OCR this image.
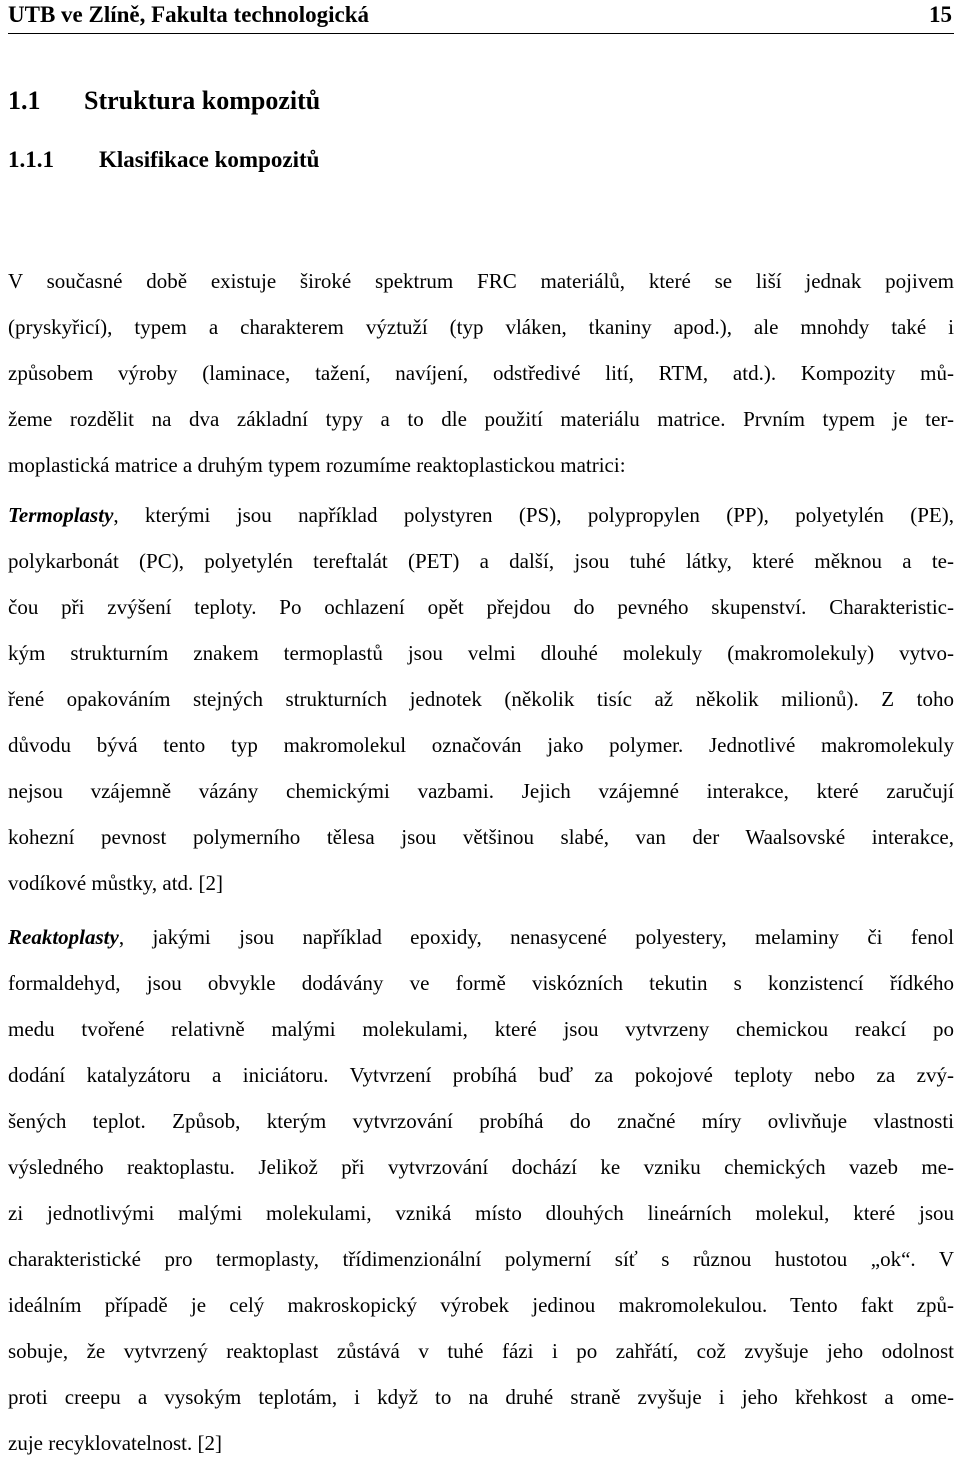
UTB ve Zlíně, Fakulta technologická	15
1.1 Struktura kompozitů
1.1.1 Klasifikace kompozitů
V současné době existuje široké spektrum FRC materiálů, které se liší jednak pojivem
(pryskyřicí), typem a charakterem výztuží (typ vláken, tkaniny apod.), ale mnohdy také i
způsobem výroby (laminace, tažení, navíjení, odstředivé lití, RTM, atd.). Kompozity mů-
žeme rozdělit na dva základní typy a to dle použití materiálu matrice. Prvním typem je ter-
moplastická matrice a druhým typem rozumíme reaktoplastickou matrici:
Termoplasty, kterými jsou například polystyren (PS), polypropylen (PP), polyetylén (PE),
polykarbonát (PC), polyetylén tereftalát (PET) a další, jsou tuhé látky, které měknou a te-
čou při zvýšení teploty. Po ochlazení opět přejdou do pevného skupenství. Charakteristic-
kým strukturním znakem termoplastů jsou velmi dlouhé molekuly (makromolekuly) vytvo-
řené opakováním stejných strukturních jednotek (několik tisíc až několik milionů). Z toho
důvodu bývá tento typ makromolekul označován jako polymer. Jednotlivé makromolekuly
nejsou vzájemně vázány chemickými vazbami. Jejich vzájemné interakce, které zaručují
kohezní pevnost polymerního tělesa jsou většinou slabé, van der Waalsovské interakce,
vodíkové můstky, atd. [2]
Reaktoplasty, jakými jsou například epoxidy, nenasycené polyestery, melaminy či fenol
formaldehyd, jsou obvykle dodávány ve formě viskózních tekutin s konzistencí řídkého
medu tvořené relativně malými molekulami, které jsou vytvrzeny chemickou reakcí po
dodání katalyzátoru a iniciátoru. Vytvrzení probíhá buď za pokojové teploty nebo za zvý-
šených teplot. Způsob, kterým vytvrzování probíhá do značné míry ovlivňuje vlastnosti
výsledného reaktoplastu. Jelikož při vytvrzování dochází ke vzniku chemických vazeb me-
zi jednotlivými malými molekulami, vzniká místo dlouhých lineárních molekul, které jsou
charakteristické pro termoplasty, třídimenzionální polymerní síť s různou hustotou „ok“. V
ideálním případě je celý makroskopický výrobek jedinou makromolekulou. Tento fakt způ-
sobuje, že vytvrzený reaktoplast zůstává v tuhé fázi i po zahřátí, což zvyšuje jeho odolnost
proti creepu a vysokým teplotám, i když to na druhé straně zvyšuje i jeho křehkost a ome-
zuje recyklovatelnost. [2]
